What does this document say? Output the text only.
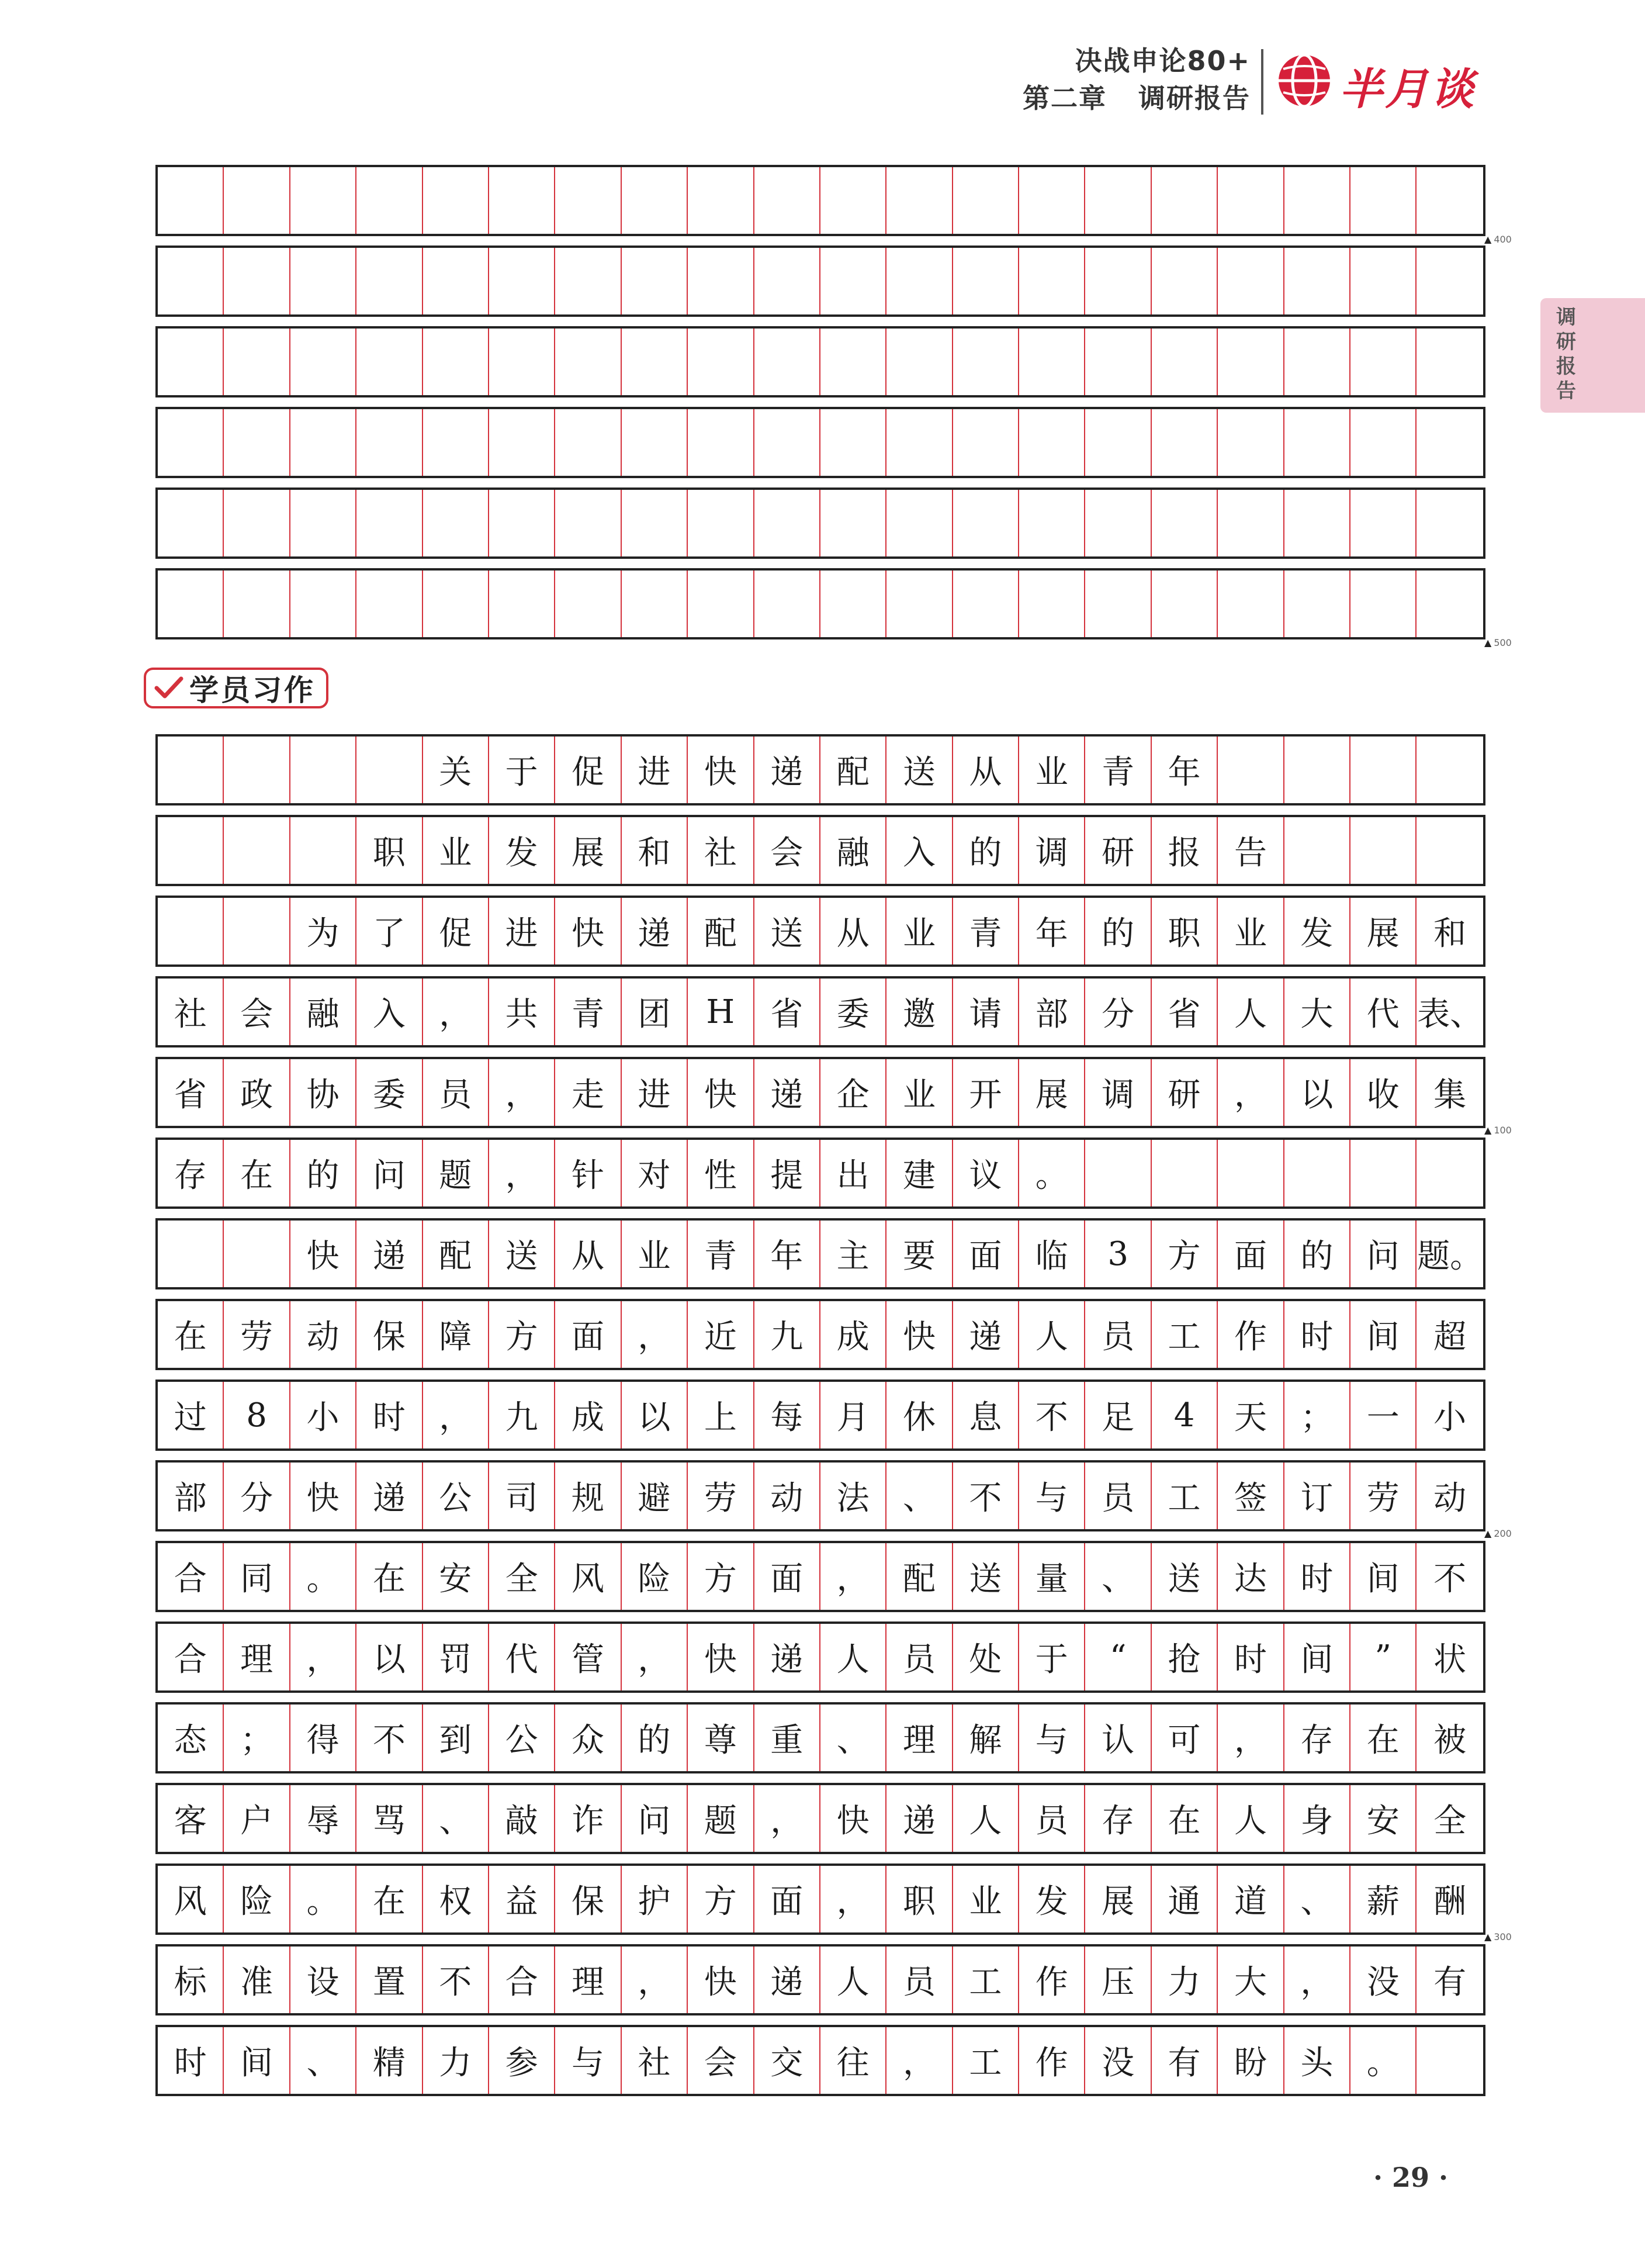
决战申论80+
第二章 调研报告 半月谈
调研报告
学员习作
关	于	促	进	快	递	配	送	从	业	青	年
职	业	发	展	和	社	会	融	入	的	调	研	报	告
为	了	促	进	快	递	配	送	从	业	青	年	的	职	业	发	展	和
社	会	融	入	，	共	青	团	H	省	委	邀	请	部	分	省	人	大	代 表、
省	政	协	委	员	，	走	进	快	递	企	业	开	展	调	研	，	以	收	集
存	在	的	问	题	，	针	对	性	提	出	建	议	。
快	递	配	送	从	业	青	年	主	要	面	临	3	方	面	的	问 题。
在	劳	动	保	障	方	面	，	近	九	成	快	递	人	员	工	作	时	间	超
过	8	小	时	，	九	成	以	上	每	月	休	息	不	足	4	天	；	一	小
部	分	快	递	公	司	规	避	劳	动	法	、	不	与	员	工	签	订	劳	动
合	同	。	在	安	全	风	险	方	面	，	配	送	量	、	送	达	时	间	不
合	理	，	以	罚	代	管	，	快	递	人	员	处	于	“	抢	时	间	”	状
态	；	得	不	到	公	众	的	尊	重	、	理	解	与	认	可	，	存	在	被
客	户	辱	骂	、	敲	诈	问	题	，	快	递	人	员	存	在	人	身	安	全
风	险	。	在	权	益	保	护	方	面	，	职	业	发	展	通	道	、	薪	酬
标	准	设	置	不	合	理	，	快	递	人	员	工	作	压	力	大	，	没	有
时	间	、	精	力	参	与	社	会	交	往	，	工	作	没	有	盼	头	。
▲ 400
▲ 500
▲ 100
▲ 200
▲ 300
· 29 ·
